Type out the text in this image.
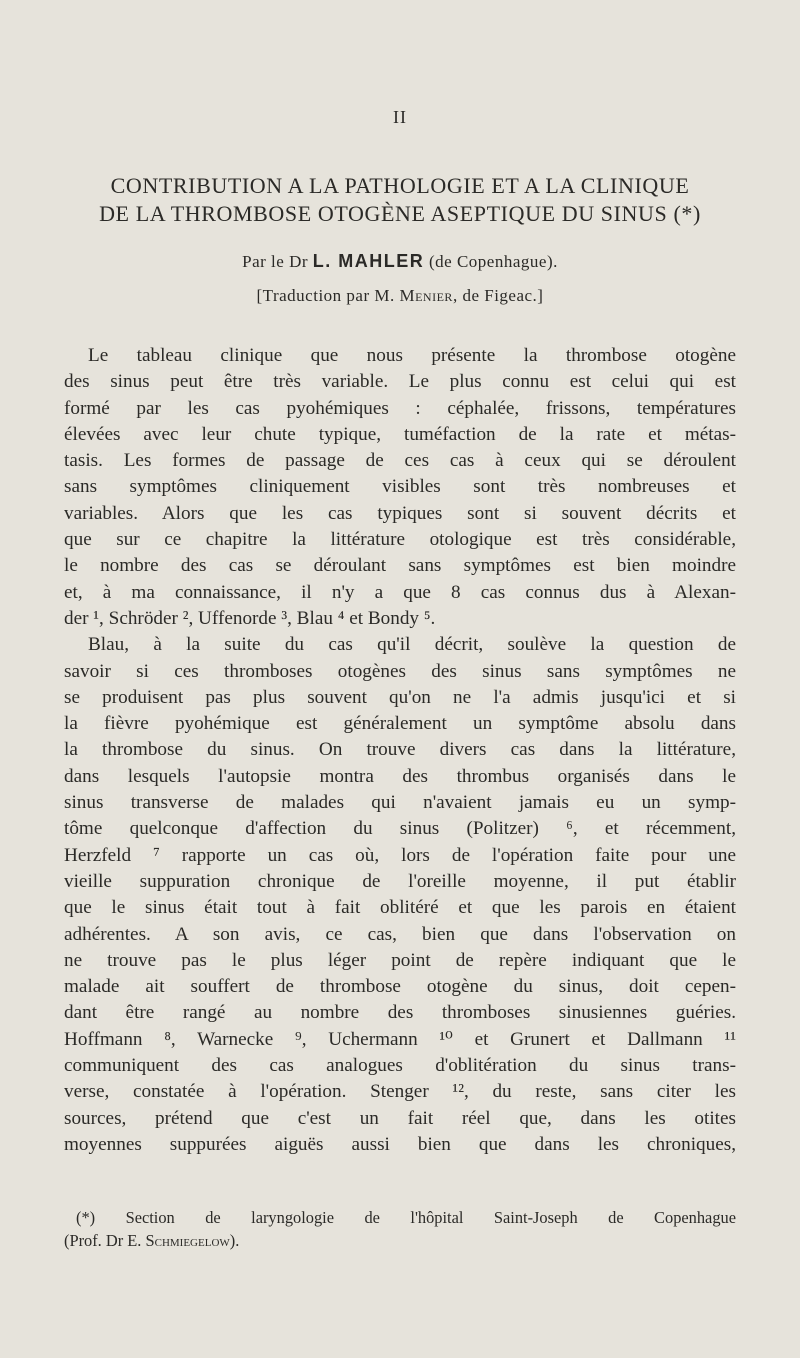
II
CONTRIBUTION A LA PATHOLOGIE ET A LA CLINIQUE
DE LA THROMBOSE OTOGÈNE ASEPTIQUE DU SINUS (*)
Par le Dr L. MAHLER (de Copenhague).
[Traduction par M. Menier, de Figeac.]
Le tableau clinique que nous présente la thrombose otogène
des sinus peut être très variable. Le plus connu est celui qui est
formé par les cas pyohémiques : céphalée, frissons, températures
élevées avec leur chute typique, tuméfaction de la rate et métas-
tasis. Les formes de passage de ces cas à ceux qui se déroulent
sans symptômes cliniquement visibles sont très nombreuses et
variables. Alors que les cas typiques sont si souvent décrits et
que sur ce chapitre la littérature otologique est très considérable,
le nombre des cas se déroulant sans symptômes est bien moindre
et, à ma connaissance, il n'y a que 8 cas connus dus à Alexan-
der ¹, Schröder ², Uffenorde ³, Blau ⁴ et Bondy ⁵.
Blau, à la suite du cas qu'il décrit, soulève la question de
savoir si ces thromboses otogènes des sinus sans symptômes ne
se produisent pas plus souvent qu'on ne l'a admis jusqu'ici et si
la fièvre pyohémique est généralement un symptôme absolu dans
la thrombose du sinus. On trouve divers cas dans la littérature,
dans lesquels l'autopsie montra des thrombus organisés dans le
sinus transverse de malades qui n'avaient jamais eu un symp-
tôme quelconque d'affection du sinus (Politzer) ⁶, et récemment,
Herzfeld ⁷ rapporte un cas où, lors de l'opération faite pour une
vieille suppuration chronique de l'oreille moyenne, il put établir
que le sinus était tout à fait oblitéré et que les parois en étaient
adhérentes. A son avis, ce cas, bien que dans l'observation on
ne trouve pas le plus léger point de repère indiquant que le
malade ait souffert de thrombose otogène du sinus, doit cepen-
dant être rangé au nombre des thromboses sinusiennes guéries.
Hoffmann ⁸, Warnecke ⁹, Uchermann ¹⁰ et Grunert et Dallmann ¹¹
communiquent des cas analogues d'oblitération du sinus trans-
verse, constatée à l'opération. Stenger ¹², du reste, sans citer les
sources, prétend que c'est un fait réel que, dans les otites
moyennes suppurées aiguës aussi bien que dans les chroniques,
(*) Section de laryngologie de l'hôpital Saint-Joseph de Copenhague
(Prof. Dr E. Schmiegelow).
